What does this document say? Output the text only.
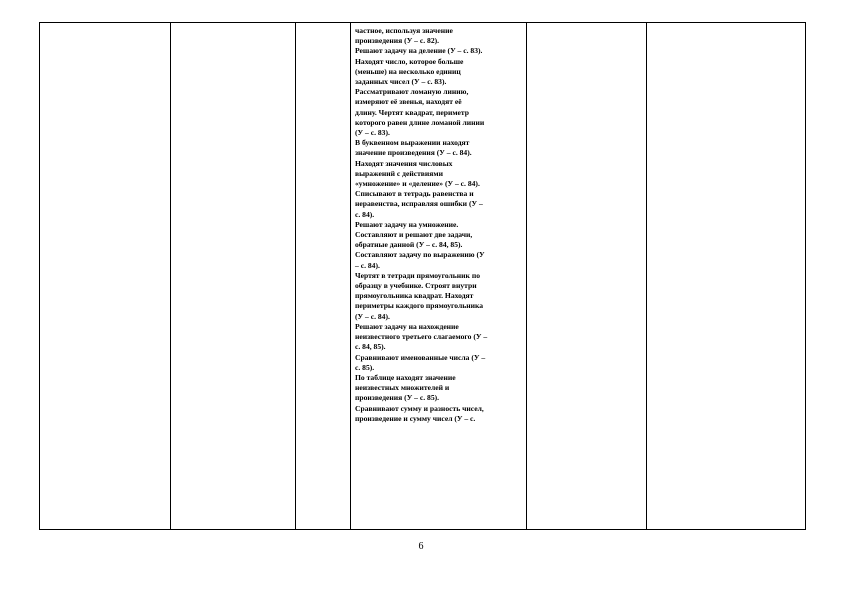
частное, используя значение
произведения (У – с. 82).
Решают задачу на деление (У – с. 83).
Находят число, которое больше
(меньше) на несколько единиц
заданных чисел (У – с. 83).
Рассматривают ломаную линию,
измеряют её звенья, находят её
длину. Чертят квадрат, периметр
которого равен длине ломаной линии
(У – с. 83).
В буквенном выражении находят
значение произведения (У – с. 84).
Находят значения числовых
выражений с действиями
«умножение» и «деление» (У – с. 84).
Списывают в тетрадь равенства и
неравенства, исправляя ошибки (У –
с. 84).
Решают задачу на умножение.
Составляют и решают две задачи,
обратные данной (У – с. 84, 85).
Составляют задачу по выражению (У
– с. 84).
Чертят в тетради прямоугольник по
образцу в учебнике. Строят внутри
прямоугольника квадрат. Находят
периметры каждого прямоугольника
(У – с. 84).
Решают задачу на нахождение
неизвестного третьего слагаемого (У –
с. 84, 85).
Сравнивают именованные числа (У –
с. 85).
По таблице находят значение
неизвестных множителей и
произведения (У – с. 85).
Сравнивают сумму и разность чисел,
произведение и сумму чисел (У – с.

6
